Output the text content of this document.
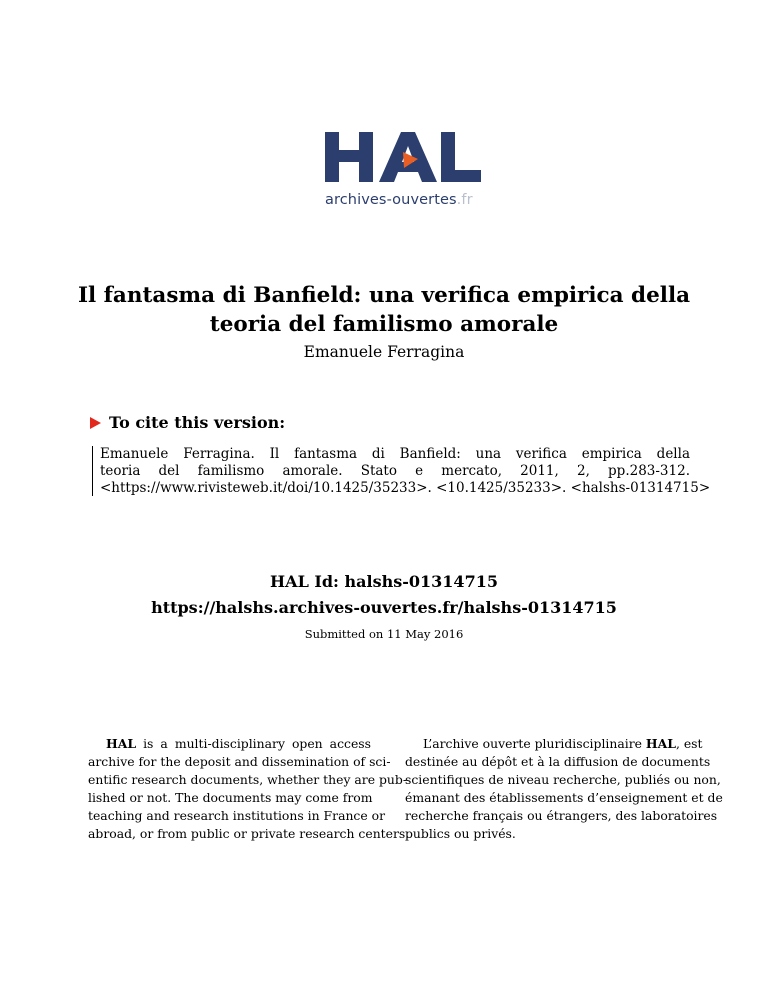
archives-ouvertes.fr
Il fantasma di Banfield: una verifica empirica della
teoria del familismo amorale
Emanuele Ferragina
To cite this version:
Emanuele Ferragina. Il fantasma di Banfield: una verifica empirica della
teoria del familismo amorale. Stato e mercato, 2011, 2, pp.283-312.
<https://www.rivisteweb.it/doi/10.1425/35233>. <10.1425/35233>. <halshs-01314715>
HAL Id: halshs-01314715
https://halshs.archives-ouvertes.fr/halshs-01314715
Submitted on 11 May 2016
HAL is a multi-disciplinary open access
archive for the deposit and dissemination of sci-
entific research documents, whether they are pub-
lished or not. The documents may come from
teaching and research institutions in France or
abroad, or from public or private research centers.
L’archive ouverte pluridisciplinaire HAL, est
destinée au dépôt et à la diffusion de documents
scientifiques de niveau recherche, publiés ou non,
émanant des établissements d’enseignement et de
recherche français ou étrangers, des laboratoires
publics ou privés.
